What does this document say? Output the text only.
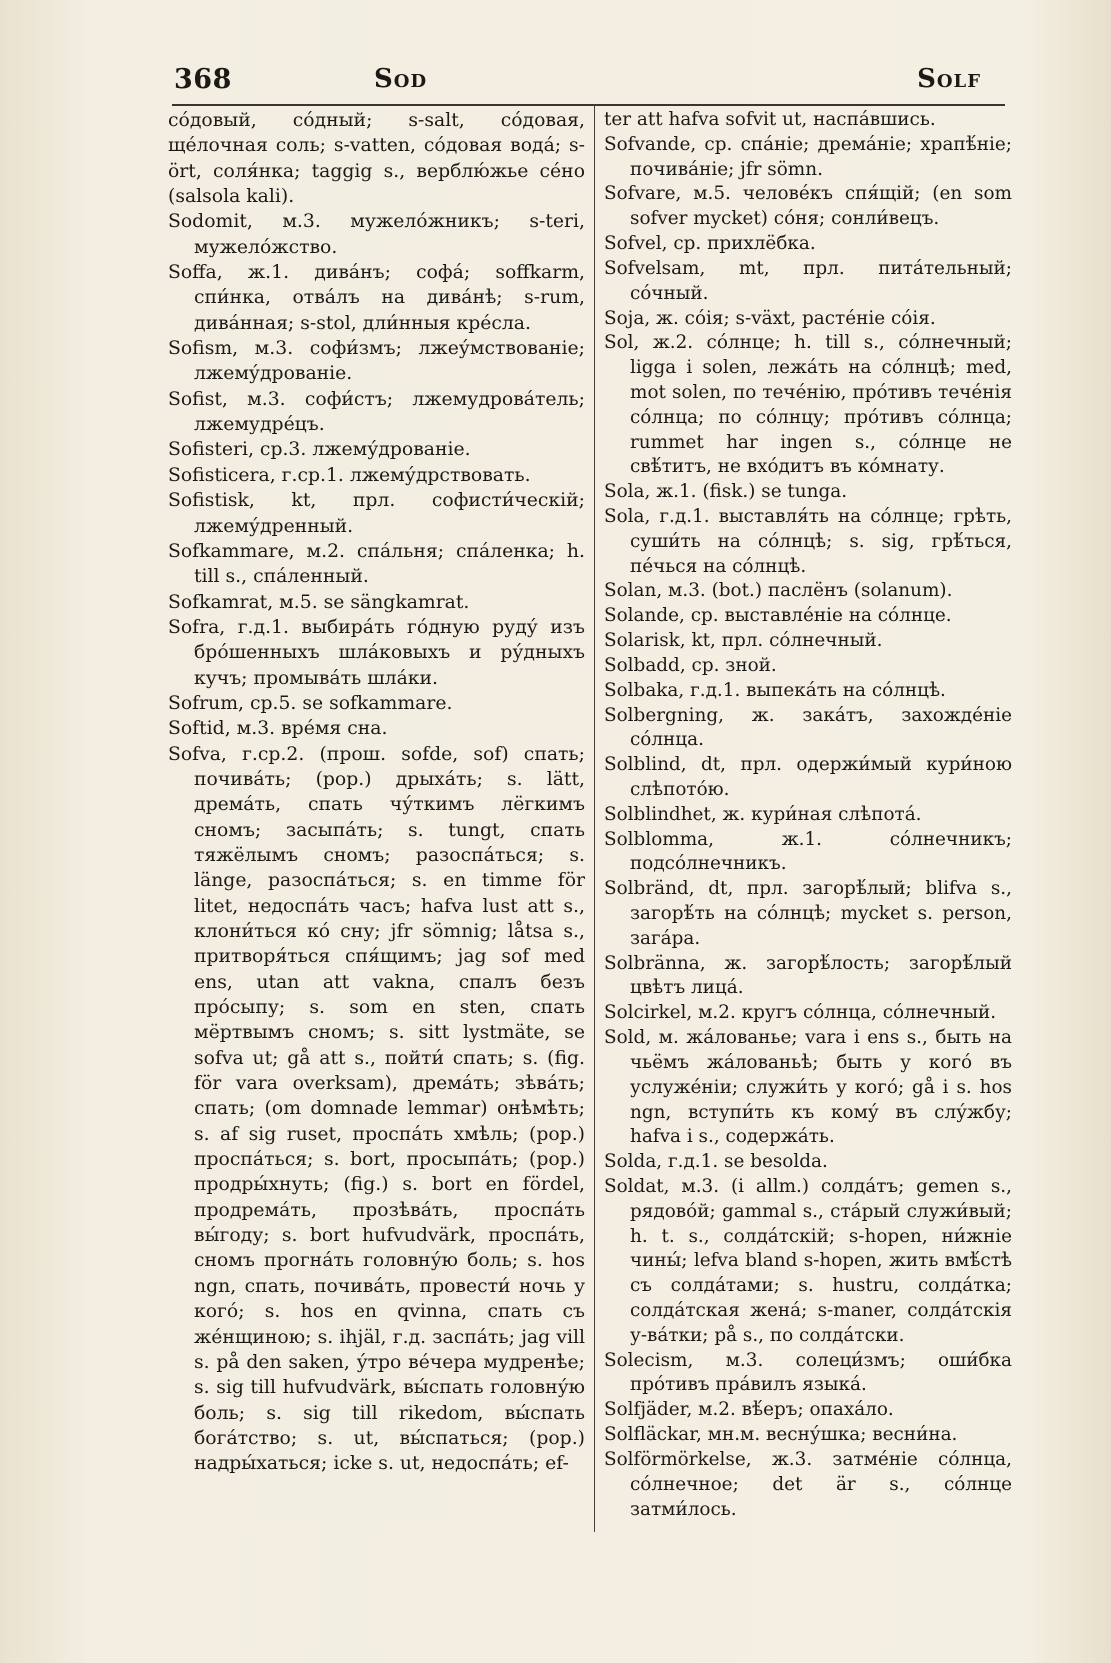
368	Sod	Solf

со́довый, со́дный; s-salt, со́довая, ще́лочная соль; s-vatten, со́довая вода́; s-ört, соля́нка; taggig s., верблю́жье се́но (salsola kali).

Sodomit, м.3. мужело́жникъ; s-teri, мужело́жство.

Soffa, ж.1. дива́нъ; софа́; soffkarm, спи́нка, отва́лъ на дива́нѣ; s-rum, дива́нная; s-stol, дли́нныя кре́сла.

Sofism, м.3. софи́змъ; лжеу́мствованіе; лжему́дрованіе.

Sofist, м.3. софи́стъ; лжемудрова́тель; лжемудре́цъ.

Sofisteri, ср.3. лжему́дрованіе.

Sofisticera, г.ср.1. лжему́дрствовать.

Sofistisk, kt, прл. софисти́ческій; лжему́дренный.

Sofkammare, м.2. спа́льня; спа́ленка; h. till s., спа́ленный.

Sofkamrat, м.5. se sängkamrat.

Sofra, г.д.1. выбира́ть го́дную руду́ изъ бро́шенныхъ шла́ковыхъ и ру́дныхъ кучъ; промыва́ть шла́ки.

Sofrum, ср.5. se sofkammare.

Softid, м.3. вре́мя сна.

Sofva, г.ср.2. (прош. sofde, sof) спать; почива́ть; (pop.) дрыха́ть; s. lätt, дрема́ть, спать чу́ткимъ лёгкимъ сномъ; засыпа́ть; s. tungt, спать тяжёлымъ сномъ; разоспа́ться; s. länge, разоспа́ться; s. en timme för litet, недоспа́ть часъ; hafva lust att s., клони́ться ко́ сну; jfr sömnig; låtsa s., притворя́ться спя́щимъ; jag sof med ens, utan att vakna, спалъ безъ про́сыпу; s. som en sten, спать мёртвымъ сномъ; s. sitt lystmäte, se sofva ut; gå att s., пойти́ спать; s. (fig. för vara overksam), дрема́ть; зѣва́ть; спать; (om domnade lemmar) онѣмѣть; s. af sig ruset, проспа́ть хмѣль; (pop.) проспа́ться; s. bort, просыпа́ть; (pop.) продры́хнуть; (fig.) s. bort en fördel, продрема́ть, прозѣва́ть, проспа́ть вы́году; s. bort hufvudvärk, проспа́ть, сномъ прогна́ть головну́ю боль; s. hos ngn, спать, почива́ть, провести́ ночь у кого́; s. hos en qvinna, спать съ же́нщиною; s. ihjäl, г.д. заспа́ть; jag vill s. på den saken, у́тро ве́чера мудренѣе; s. sig till hufvudvärk, вы́спать головну́ю боль; s. sig till rikedom, вы́спать бога́тство; s. ut, вы́спаться; (pop.) надры́хаться; icke s. ut, недоспа́ть; ef-

ter att hafva sofvit ut, наспа́вшись.

Sofvande, ср. спа́ніе; дрема́ніе; храпѣ́ніе; почива́ніе; jfr sömn.

Sofvare, м.5. челове́къ спя́щій; (en som sofver mycket) со́ня; сонли́вецъ.

Sofvel, ср. прихлёбка.

Sofvelsam, mt, прл. пита́тельный; со́чный.

Soja, ж. со́ія; s-växt, расте́ніе со́ія.

Sol, ж.2. со́лнце; h. till s., со́лнечный; ligga i solen, лежа́ть на со́лнцѣ; med, mot solen, по тече́нію, про́тивъ тече́нія со́лнца; по со́лнцу; про́тивъ со́лнца; rummet har ingen s., со́лнце не свѣ́титъ, не вхо́дитъ въ ко́мнату.

Sola, ж.1. (fisk.) se tunga.

Sola, г.д.1. выставля́ть на со́лнце; грѣть, суши́ть на со́лнцѣ; s. sig, грѣ́ться, пе́чься на со́лнцѣ.

Solan, м.3. (bot.) паслёнъ (solanum).

Solande, ср. выставле́ніе на со́лнце.

Solarisk, kt, прл. со́лнечный.

Solbadd, ср. зной.

Solbaka, г.д.1. выпека́ть на со́лнцѣ.

Solbergning, ж. зака́тъ, захожде́ніе со́лнца.

Solblind, dt, прл. одержи́мый кури́ною слѣпото́ю.

Solblindhet, ж. кури́ная слѣпота́.

Solblomma, ж.1. со́лнечникъ; подсо́лнечникъ.

Solbränd, dt, прл. загорѣ́лый; blifva s., загорѣ́ть на со́лнцѣ; mycket s. person, зага́ра.

Solbränna, ж. загорѣ́лость; загорѣ́лый цвѣтъ лица́.

Solcirkel, м.2. кругъ со́лнца, со́лнечный.

Sold, м. жа́лованье; vara i ens s., быть на чьёмъ жа́лованьѣ; быть у кого́ въ услуже́ніи; служи́ть у кого́; gå i s. hos ngn, вступи́ть къ кому́ въ слу́жбу; hafva i s., содержа́ть.

Solda, г.д.1. se besolda.

Soldat, м.3. (i allm.) солда́тъ; gemen s., рядово́й; gammal s., ста́рый служи́вый; h. t. s., солда́тскій; s-hopen, ни́жніе чины́; lefva bland s-hopen, жить вмѣ́стѣ съ солда́тами; s. hustru, солда́тка; солда́тская жена́; s-maner, солда́тскія у-ва́тки; på s., по солда́тски.

Solecism, м.3. солеци́змъ; оши́бка про́тивъ пра́вилъ языка́.

Solfjäder, м.2. вѣ́еръ; опаха́ло.

Solfläckar, мн.м. весну́шка; весни́на.

Solförmörkelse, ж.3. затме́ніе со́лнца, со́лнечное; det är s., со́лнце затми́лось.
